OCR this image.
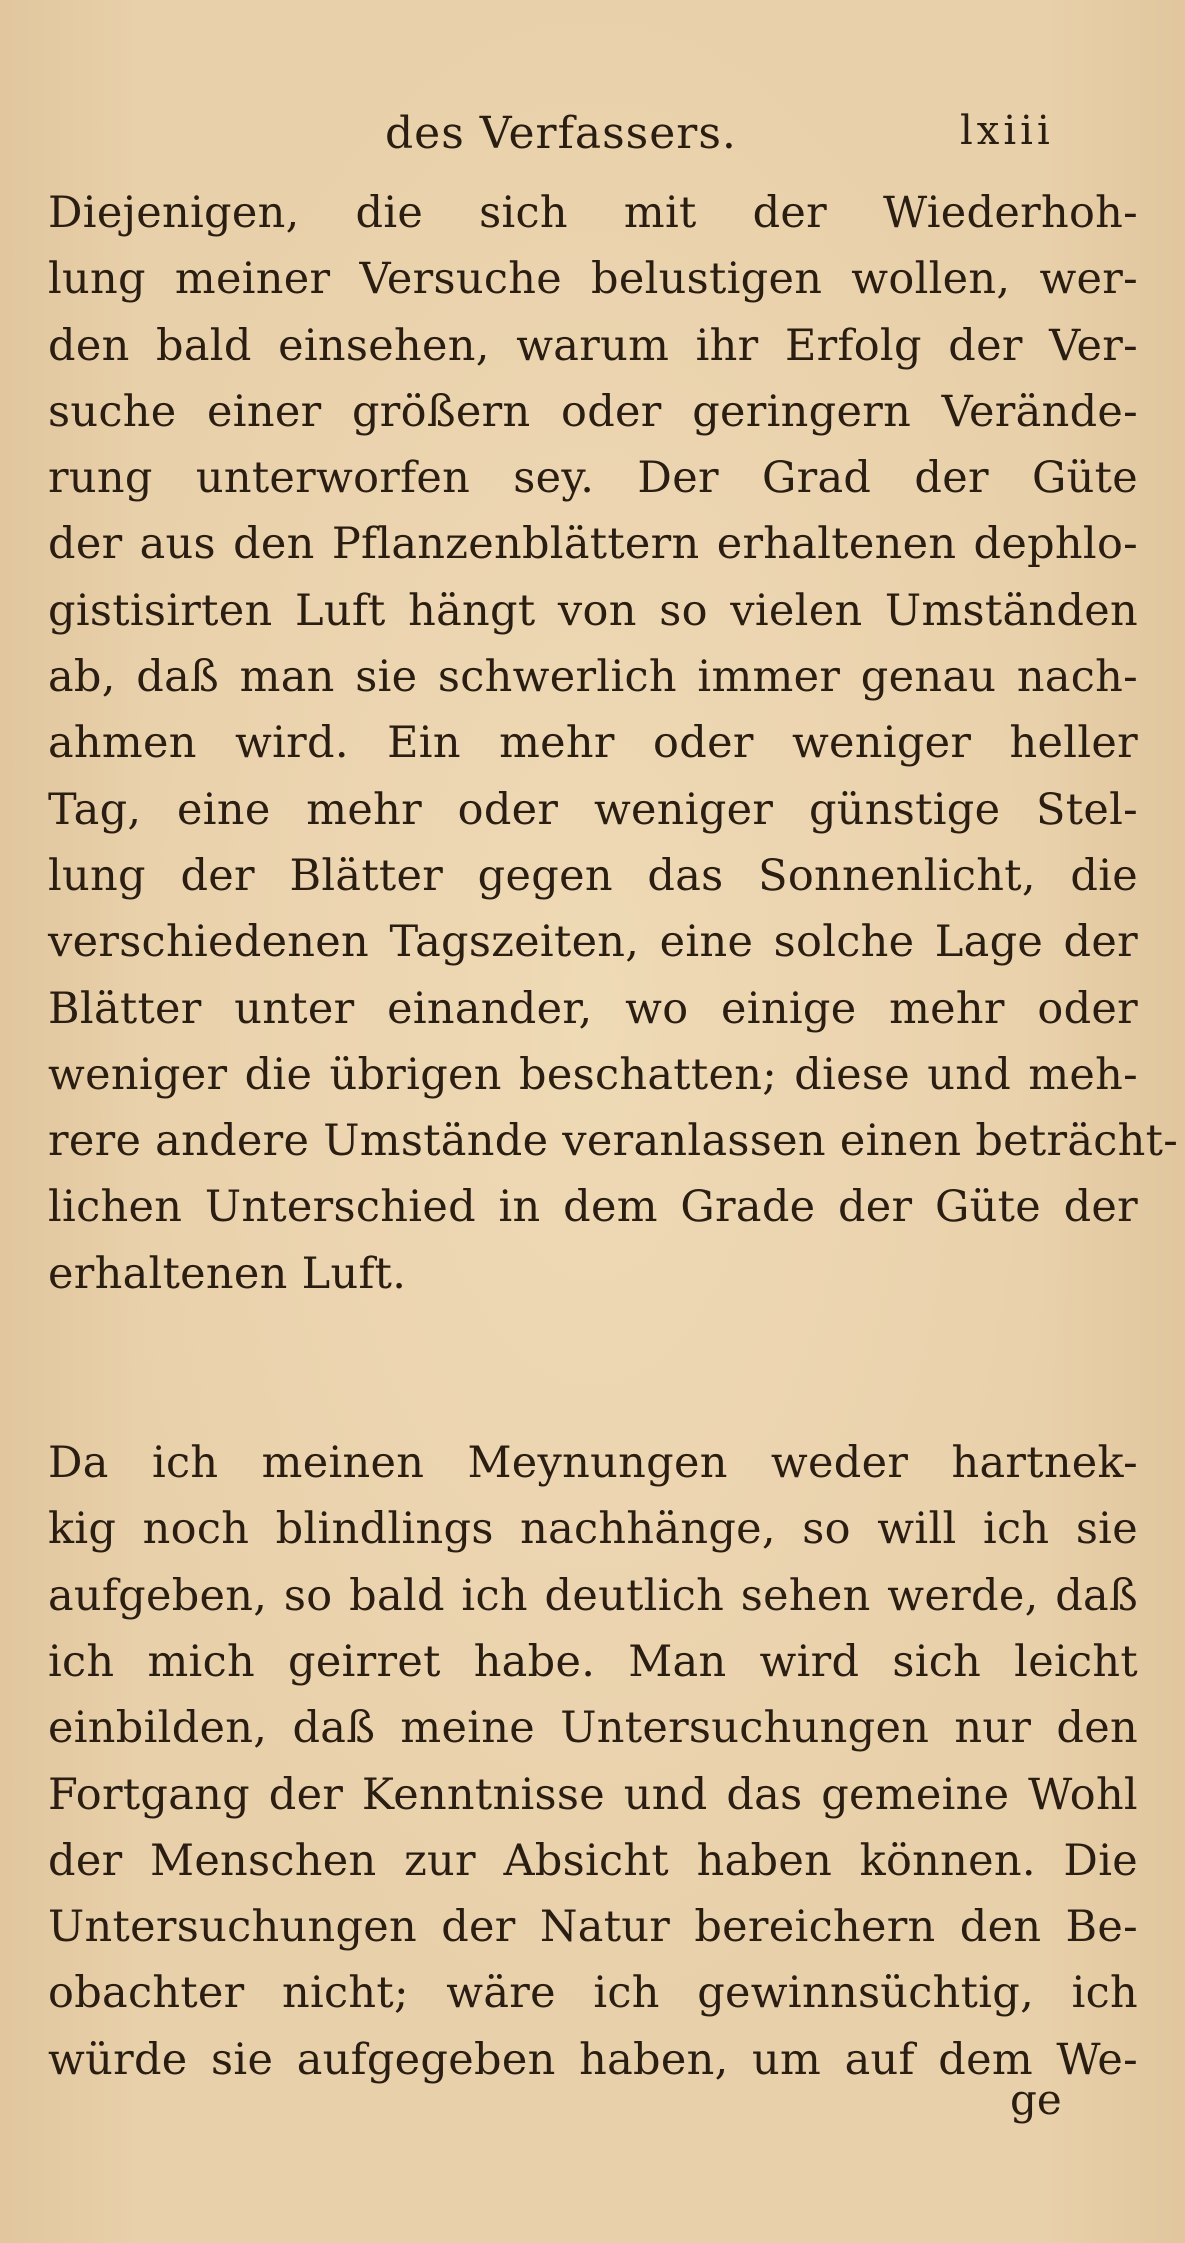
des Verfassers.	lxiii
Diejenigen, die sich mit der Wiederhoh-
lung meiner Versuche belustigen wollen, wer-
den bald einsehen, warum ihr Erfolg der Ver-
suche einer größern oder geringern Verände-
rung unterworfen sey. Der Grad der Güte
der aus den Pflanzenblättern erhaltenen dephlo-
gistisirten Luft hängt von so vielen Umständen
ab, daß man sie schwerlich immer genau nach-
ahmen wird. Ein mehr oder weniger heller
Tag, eine mehr oder weniger günstige Stel-
lung der Blätter gegen das Sonnenlicht, die
verschiedenen Tagszeiten, eine solche Lage der
Blätter unter einander, wo einige mehr oder
weniger die übrigen beschatten; diese und meh-
rere andere Umstände veranlassen einen beträcht-
lichen Unterschied in dem Grade der Güte der
erhaltenen Luft.
Da ich meinen Meynungen weder hartnek-
kig noch blindlings nachhänge, so will ich sie
aufgeben, so bald ich deutlich sehen werde, daß
ich mich geirret habe. Man wird sich leicht
einbilden, daß meine Untersuchungen nur den
Fortgang der Kenntnisse und das gemeine Wohl
der Menschen zur Absicht haben können. Die
Untersuchungen der Natur bereichern den Be-
obachter nicht; wäre ich gewinnsüchtig, ich
würde sie aufgegeben haben, um auf dem We-
ge
